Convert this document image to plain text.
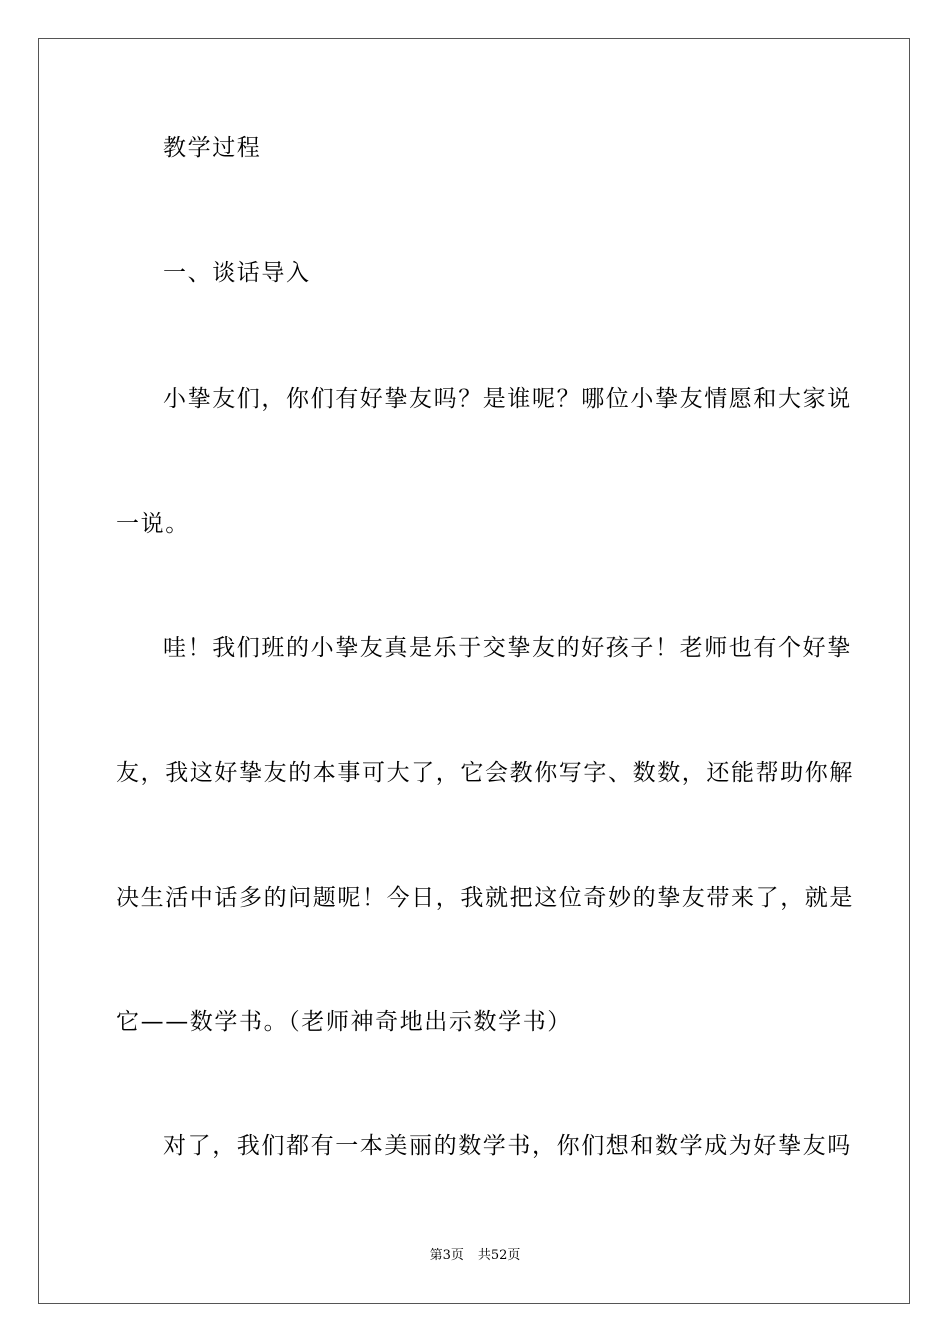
教学过程
一、谈话导入
小挚友们，你们有好挚友吗？是谁呢？哪位小挚友情愿和大家说
一说。
哇！我们班的小挚友真是乐于交挚友的好孩子！老师也有个好挚
友，我这好挚友的本事可大了，它会教你写字、数数，还能帮助你解
决生活中话多的问题呢！今日，我就把这位奇妙的挚友带来了，就是
它——数学书。（老师神奇地出示数学书）
对了，我们都有一本美丽的数学书，你们想和数学成为好挚友吗
第3页 共52页
